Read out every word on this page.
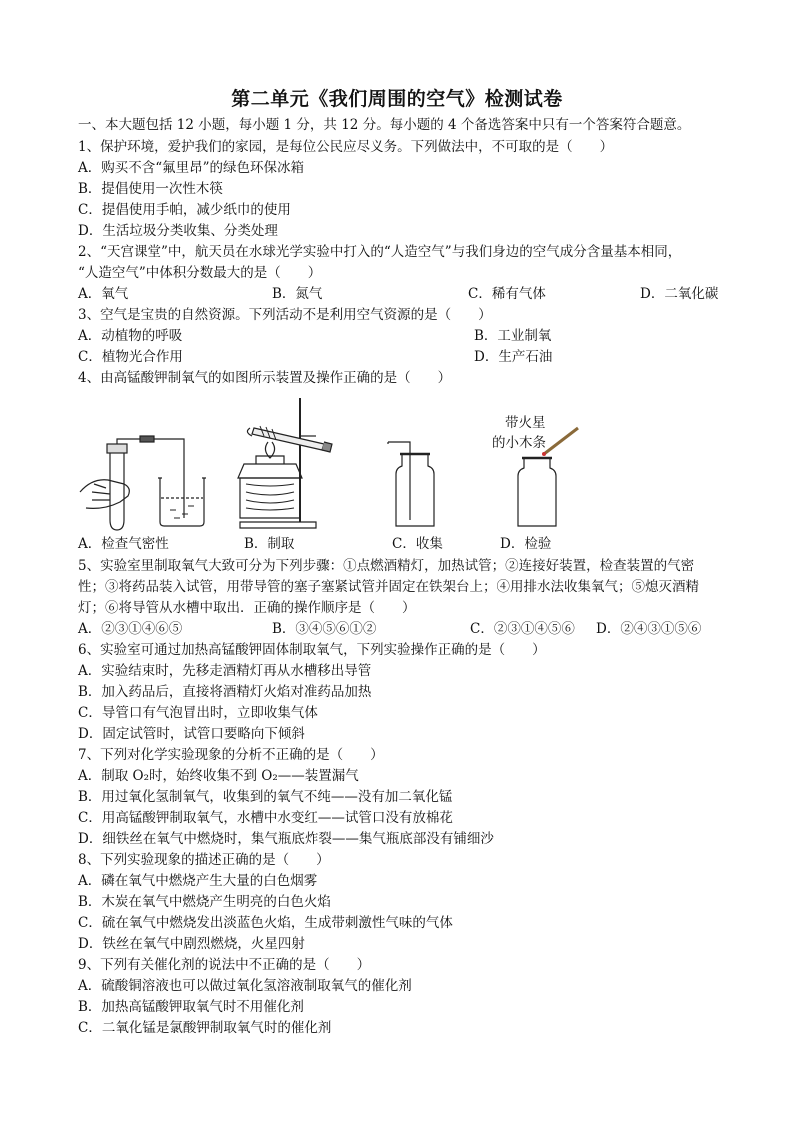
第二单元《我们周围的空气》检测试卷
一、本大题包括 12 小题，每小题 1 分，共 12 分。每小题的 4 个备选答案中只有一个答案符合题意。
1、保护环境，爱护我们的家园，是每位公民应尽义务。下列做法中，不可取的是（　　）
A．购买不含“氟里昂”的绿色环保冰箱
B．提倡使用一次性木筷
C．提倡使用手帕，减少纸巾的使用
D．生活垃圾分类收集、分类处理
2、“天宫课堂”中，航天员在水球光学实验中打入的“人造空气”与我们身边的空气成分含量基本相同，
“人造空气”中体积分数最大的是（　　）
A．氧气	B．氮气	C．稀有气体	D．二氧化碳
3、空气是宝贵的自然资源。下列活动不是利用空气资源的是（　　）
A．动植物的呼吸	B．工业制氧
C．植物光合作用	D．生产石油
4、由高锰酸钾制氧气的如图所示装置及操作正确的是（　　）
带火星
的小木条
A．检查气密性	B．制取	C．收集	D．检验
5、实验室里制取氧气大致可分为下列步骤：①点燃酒精灯，加热试管；②连接好装置，检查装置的气密
性；③将药品装入试管，用带导管的塞子塞紧试管并固定在铁架台上；④用排水法收集氧气；⑤熄灭酒精
灯；⑥将导管从水槽中取出．正确的操作顺序是（　　）
A．②③①④⑥⑤	B．③④⑤⑥①②	C．②③①④⑤⑥ D．②④③①⑤⑥
6、实验室可通过加热高锰酸钾固体制取氧气，下列实验操作正确的是（　　）
A．实验结束时，先移走酒精灯再从水槽移出导管
B．加入药品后，直接将酒精灯火焰对准药品加热
C．导管口有气泡冒出时，立即收集气体
D．固定试管时，试管口要略向下倾斜
7、下列对化学实验现象的分析不正确的是（　　）
A．制取 O₂时，始终收集不到 O₂——装置漏气
B．用过氧化氢制氧气，收集到的氧气不纯——没有加二氧化锰
C．用高锰酸钾制取氧气，水槽中水变红——试管口没有放棉花
D．细铁丝在氧气中燃烧时，集气瓶底炸裂——集气瓶底部没有铺细沙
8、下列实验现象的描述正确的是（　　）
A．磷在氧气中燃烧产生大量的白色烟雾
B．木炭在氧气中燃烧产生明亮的白色火焰
C．硫在氧气中燃烧发出淡蓝色火焰，生成带刺激性气味的气体
D．铁丝在氧气中剧烈燃烧，火星四射
9、下列有关催化剂的说法中不正确的是（　　）
A．硫酸铜溶液也可以做过氧化氢溶液制取氧气的催化剂
B．加热高锰酸钾取氧气时不用催化剂
C．二氧化锰是氯酸钾制取氧气时的催化剂
